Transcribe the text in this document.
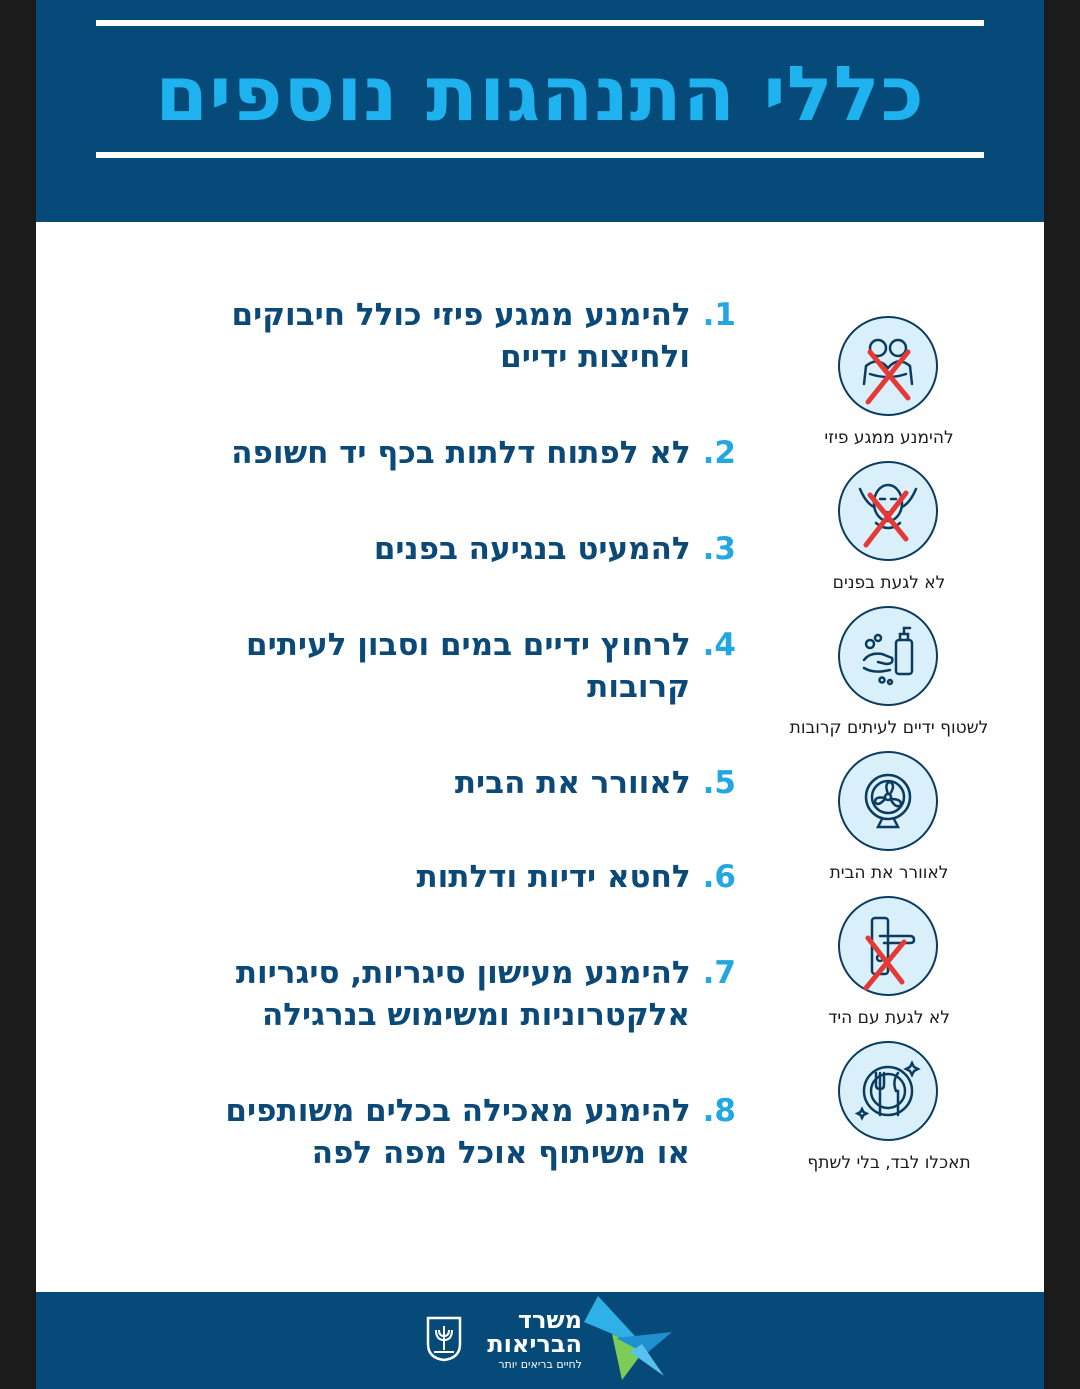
כללי התנהגות נוספים
1.להימנע ממגע פיזי כולל חיבוקים
ולחיצות ידיים
2.לא לפתוח דלתות בכף יד חשופה
3.להמעיט בנגיעה בפנים
4.לרחוץ ידיים במים וסבון לעיתים
קרובות
5.לאוורר את הבית
6.לחטא ידיות ודלתות
7.להימנע מעישון סיגריות, סיגריות
אלקטרוניות ומשימוש בנרגילה
8.להימנע מאכילה בכלים משותפים
או משיתוף אוכל מפה לפה
להימנע ממגע פיזי
לא לגעת בפנים
לשטוף ידיים לעיתים קרובות
לאוורר את הבית
לא לגעת עם היד
תאכלו לבד, בלי לשתף
משרד
הבריאות
לחיים בריאים יותר
